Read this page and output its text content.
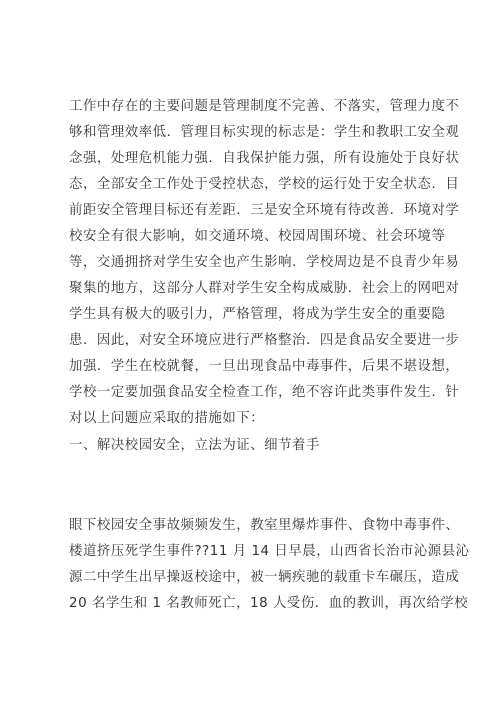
工作中存在的主要问题是管理制度不完善、不落实，管理力度不
够和管理效率低．管理目标实现的标志是：学生和教职工安全观
念强，处理危机能力强．自我保护能力强，所有设施处于良好状
态，全部安全工作处于受控状态，学校的运行处于安全状态．目
前距安全管理目标还有差距．三是安全环境有待改善．环境对学
校安全有很大影响，如交通环境、校园周围环境、社会环境等
等，交通拥挤对学生安全也产生影响．学校周边是不良青少年易
聚集的地方，这部分人群对学生安全构成威胁．社会上的网吧对
学生具有极大的吸引力，严格管理，将成为学生安全的重要隐
患．因此，对安全环境应进行严格整治．四是食品安全要进一步
加强．学生在校就餐，一旦出现食品中毒事件，后果不堪设想，
学校一定要加强食品安全检查工作，绝不容许此类事件发生．针
对以上问题应采取的措施如下：
一、解决校园安全，立法为证、细节着手
眼下校园安全事故频频发生，教室里爆炸事件、食物中毒事件、
楼道挤压死学生事件??11 月 14 日早晨，山西省长治市沁源县沁
源二中学生出早操返校途中，被一辆疾驰的载重卡车碾压，造成
20 名学生和 1 名教师死亡，18 人受伤．血的教训，再次给学校
